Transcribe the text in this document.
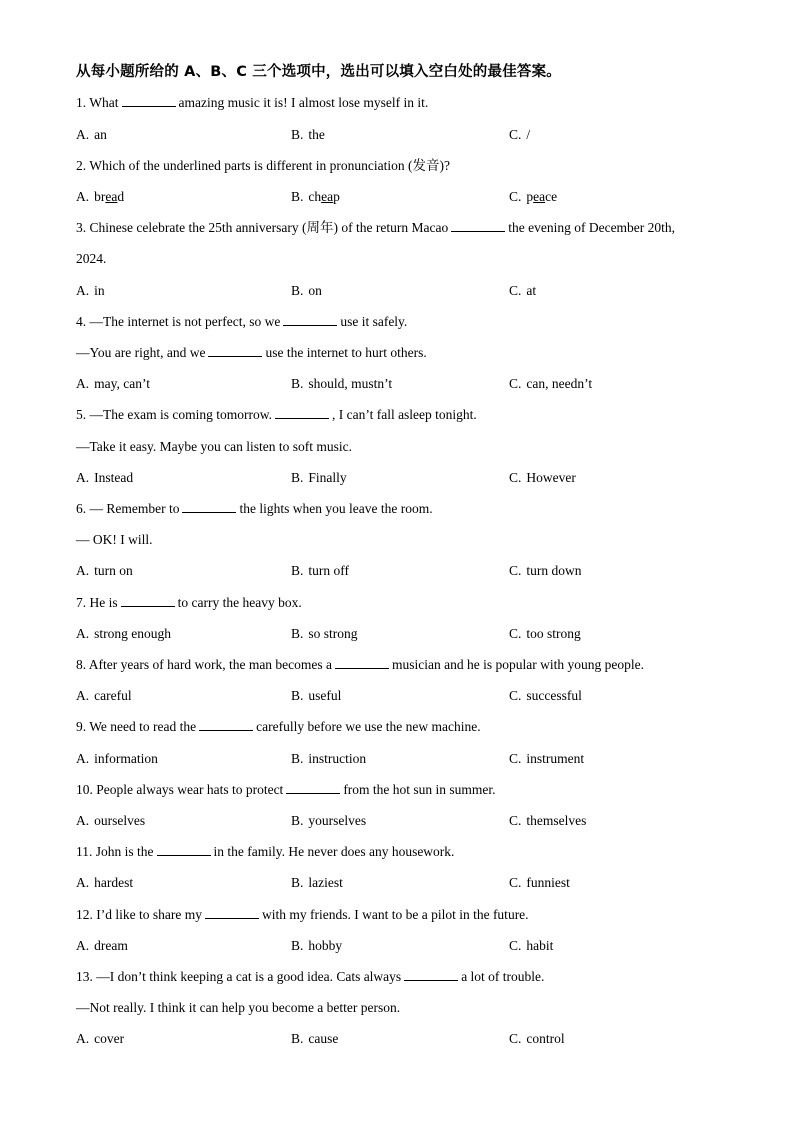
从每小题所给的 A、B、C 三个选项中，选出可以填入空白处的最佳答案。
1. What	amazing music it is! I almost lose myself in it.
A. an	B. the	C. /
2. Which of the underlined parts is different in pronunciation (发音)?
A. bread	B. cheap	C. peace
3. Chinese celebrate the 25th anniversary (周年) of the return Macao	the evening of December 20th,
2024.
A. in	B. on	C. at
4. —The internet is not perfect, so we	use it safely.
—You are right, and we	use the internet to hurt others.
A. may, can’t	B. should, mustn’t	C. can, needn’t
5. —The exam is coming tomorrow.	, I can’t fall asleep tonight.
—Take it easy. Maybe you can listen to soft music.
A. Instead	B. Finally	C. However
6. — Remember to	the lights when you leave the room.
— OK! I will.
A. turn on	B. turn off	C. turn down
7. He is	to carry the heavy box.
A. strong enough	B. so strong	C. too strong
8. After years of hard work, the man becomes a	musician and he is popular with young people.
A. careful	B. useful	C. successful
9. We need to read the	carefully before we use the new machine.
A. information	B. instruction	C. instrument
10. People always wear hats to protect	from the hot sun in summer.
A. ourselves	B. yourselves	C. themselves
11. John is the	in the family. He never does any housework.
A. hardest	B. laziest	C. funniest
12. I’d like to share my	with my friends. I want to be a pilot in the future.
A. dream	B. hobby	C. habit
13. —I don’t think keeping a cat is a good idea. Cats always	a lot of trouble.
—Not really. I think it can help you become a better person.
A. cover	B. cause	C. control
